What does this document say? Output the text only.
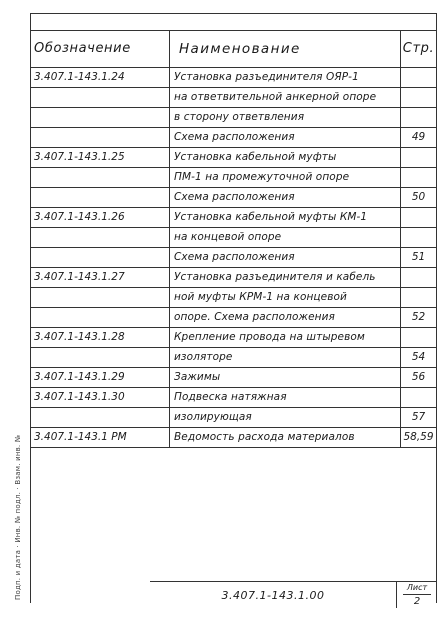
Обозначение	Наименование	Стр.
3.407.1-143.1.24	Установка разъединителя ОЯР-1
на ответвительной анкерной опоре
в сторону ответвления
Схема расположения	49
3.407.1-143.1.25	Установка кабельной муфты
ПМ-1 на промежуточной опоре
Схема расположения	50
3.407.1-143.1.26	Установка кабельной муфты КМ-1
на концевой опоре
Схема расположения	51
3.407.1-143.1.27	Установка разъединителя и кабель
ной муфты КРМ-1 на концевой
опоре. Схема расположения	52
3.407.1-143.1.28	Крепление провода на штыревом
изоляторе	54
3.407.1-143.1.29	Зажимы	56
3.407.1-143.1.30	Подвеска натяжная
изолирующая	57
3.407.1-143.1 РМ	Ведомость расхода материалов	58,59
3.407.1-143.1.00
Лист
2
Подп. и дата · Инв. № подл. · Взам. инв. №
